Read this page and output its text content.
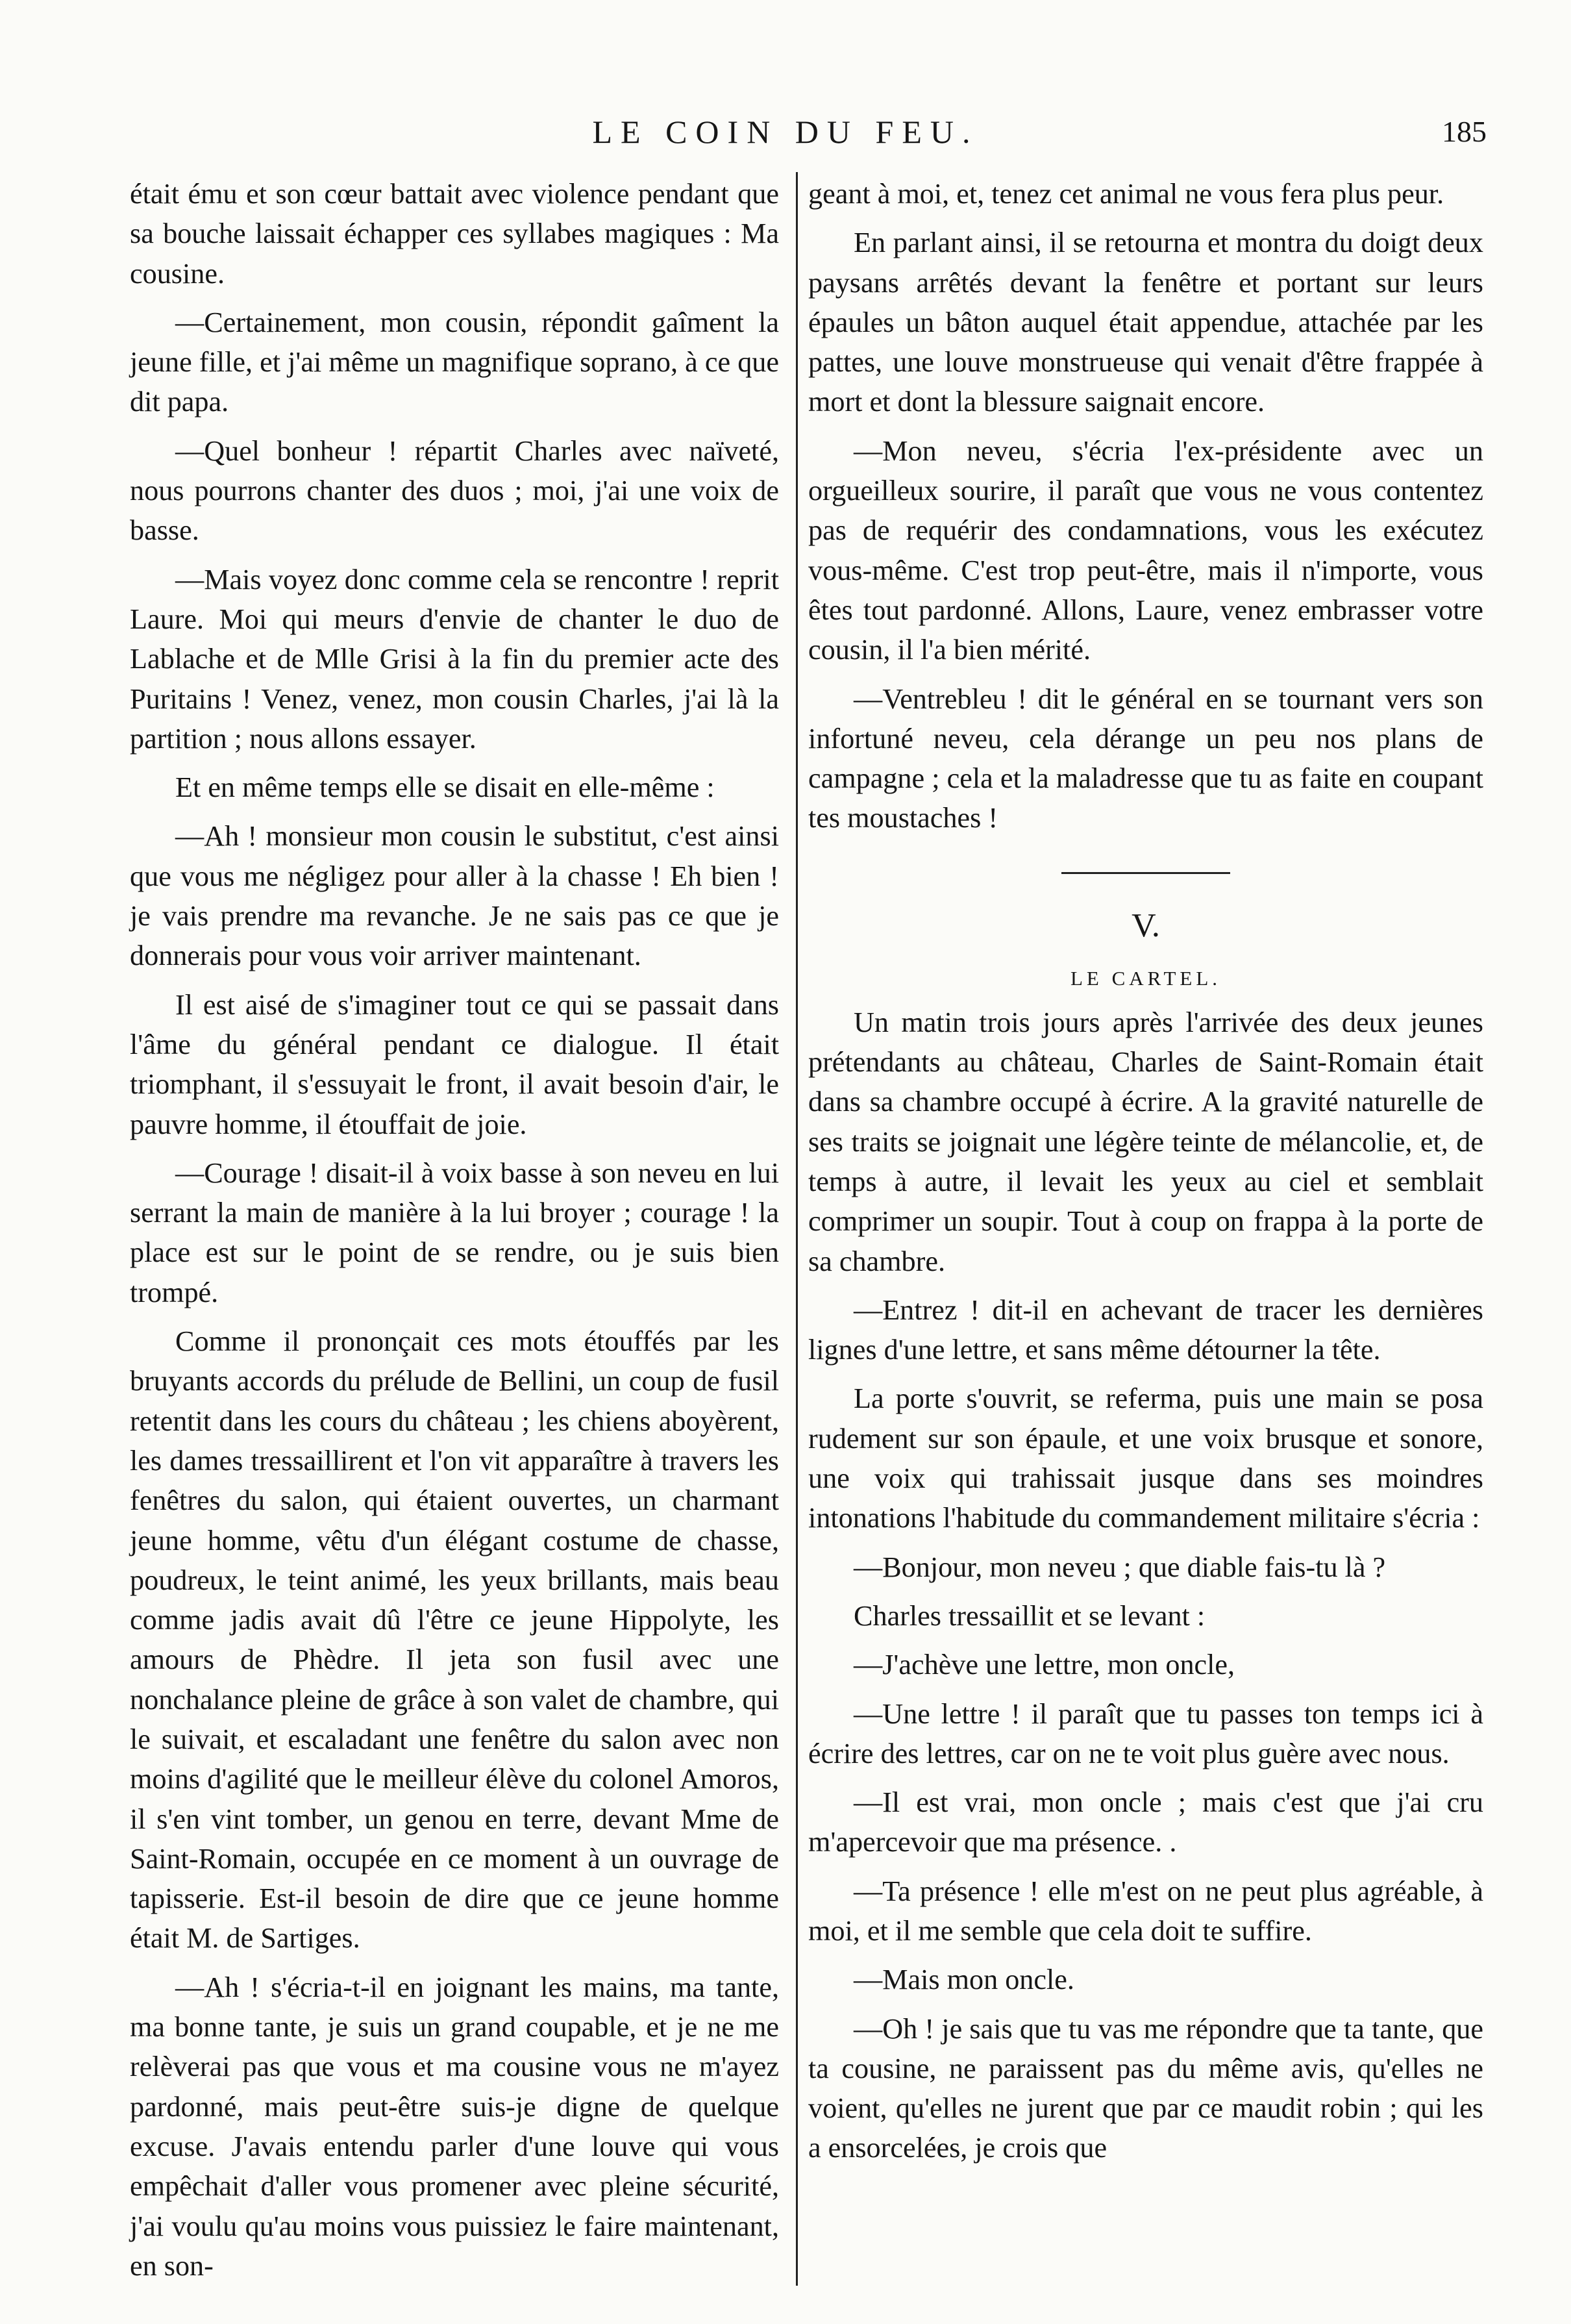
LE COIN DU FEU.	185

était ému et son cœur battait avec violence pendant que sa bouche laissait échapper ces syllabes magiques : Ma cousine.

—Certainement, mon cousin, répondit gaîment la jeune fille, et j'ai même un magnifique soprano, à ce que dit papa.

—Quel bonheur ! répartit Charles avec naïveté, nous pourrons chanter des duos ; moi, j'ai une voix de basse.

—Mais voyez donc comme cela se rencontre ! reprit Laure. Moi qui meurs d'envie de chanter le duo de Lablache et de Mlle Grisi à la fin du premier acte des Puritains ! Venez, venez, mon cousin Charles, j'ai là la partition ; nous allons essayer.

Et en même temps elle se disait en elle-même :

—Ah ! monsieur mon cousin le substitut, c'est ainsi que vous me négligez pour aller à la chasse ! Eh bien ! je vais prendre ma revanche. Je ne sais pas ce que je donnerais pour vous voir arriver maintenant.

Il est aisé de s'imaginer tout ce qui se passait dans l'âme du général pendant ce dialogue. Il était triomphant, il s'essuyait le front, il avait besoin d'air, le pauvre homme, il étouffait de joie.

—Courage ! disait-il à voix basse à son neveu en lui serrant la main de manière à la lui broyer ; courage ! la place est sur le point de se rendre, ou je suis bien trompé.

Comme il prononçait ces mots étouffés par les bruyants accords du prélude de Bellini, un coup de fusil retentit dans les cours du château ; les chiens aboyèrent, les dames tressaillirent et l'on vit apparaître à travers les fenêtres du salon, qui étaient ouvertes, un charmant jeune homme, vêtu d'un élégant costume de chasse, poudreux, le teint animé, les yeux brillants, mais beau comme jadis avait dû l'être ce jeune Hippolyte, les amours de Phèdre. Il jeta son fusil avec une nonchalance pleine de grâce à son valet de chambre, qui le suivait, et escaladant une fenêtre du salon avec non moins d'agilité que le meilleur élève du colonel Amoros, il s'en vint tomber, un genou en terre, devant Mme de Saint-Romain, occupée en ce moment à un ouvrage de tapisserie. Est-il besoin de dire que ce jeune homme était M. de Sartiges.

—Ah ! s'écria-t-il en joignant les mains, ma tante, ma bonne tante, je suis un grand coupable, et je ne me relèverai pas que vous et ma cousine vous ne m'ayez pardonné, mais peut-être suis-je digne de quelque excuse. J'avais entendu parler d'une louve qui vous empêchait d'aller vous promener avec pleine sécurité, j'ai voulu qu'au moins vous puissiez le faire maintenant, en son-

geant à moi, et, tenez cet animal ne vous fera plus peur.

En parlant ainsi, il se retourna et montra du doigt deux paysans arrêtés devant la fenêtre et portant sur leurs épaules un bâton auquel était appendue, attachée par les pattes, une louve monstrueuse qui venait d'être frappée à mort et dont la blessure saignait encore.

—Mon neveu, s'écria l'ex-présidente avec un orgueilleux sourire, il paraît que vous ne vous contentez pas de requérir des condamnations, vous les exécutez vous-même. C'est trop peut-être, mais il n'importe, vous êtes tout pardonné. Allons, Laure, venez embrasser votre cousin, il l'a bien mérité.

—Ventrebleu ! dit le général en se tournant vers son infortuné neveu, cela dérange un peu nos plans de campagne ; cela et la maladresse que tu as faite en coupant tes moustaches !

V.
LE CARTEL.

Un matin trois jours après l'arrivée des deux jeunes prétendants au château, Charles de Saint-Romain était dans sa chambre occupé à écrire. A la gravité naturelle de ses traits se joignait une légère teinte de mélancolie, et, de temps à autre, il levait les yeux au ciel et semblait comprimer un soupir. Tout à coup on frappa à la porte de sa chambre.

—Entrez ! dit-il en achevant de tracer les dernières lignes d'une lettre, et sans même détourner la tête.

La porte s'ouvrit, se referma, puis une main se posa rudement sur son épaule, et une voix brusque et sonore, une voix qui trahissait jusque dans ses moindres intonations l'habitude du commandement militaire s'écria :

—Bonjour, mon neveu ; que diable fais-tu là ?

Charles tressaillit et se levant :

—J'achève une lettre, mon oncle,

—Une lettre ! il paraît que tu passes ton temps ici à écrire des lettres, car on ne te voit plus guère avec nous.

—Il est vrai, mon oncle ; mais c'est que j'ai cru m'apercevoir que ma présence. .

—Ta présence ! elle m'est on ne peut plus agréable, à moi, et il me semble que cela doit te suffire.

—Mais mon oncle.

—Oh ! je sais que tu vas me répondre que ta tante, que ta cousine, ne paraissent pas du même avis, qu'elles ne voient, qu'elles ne jurent que par ce maudit robin ; qui les a ensorcelées, je crois que
